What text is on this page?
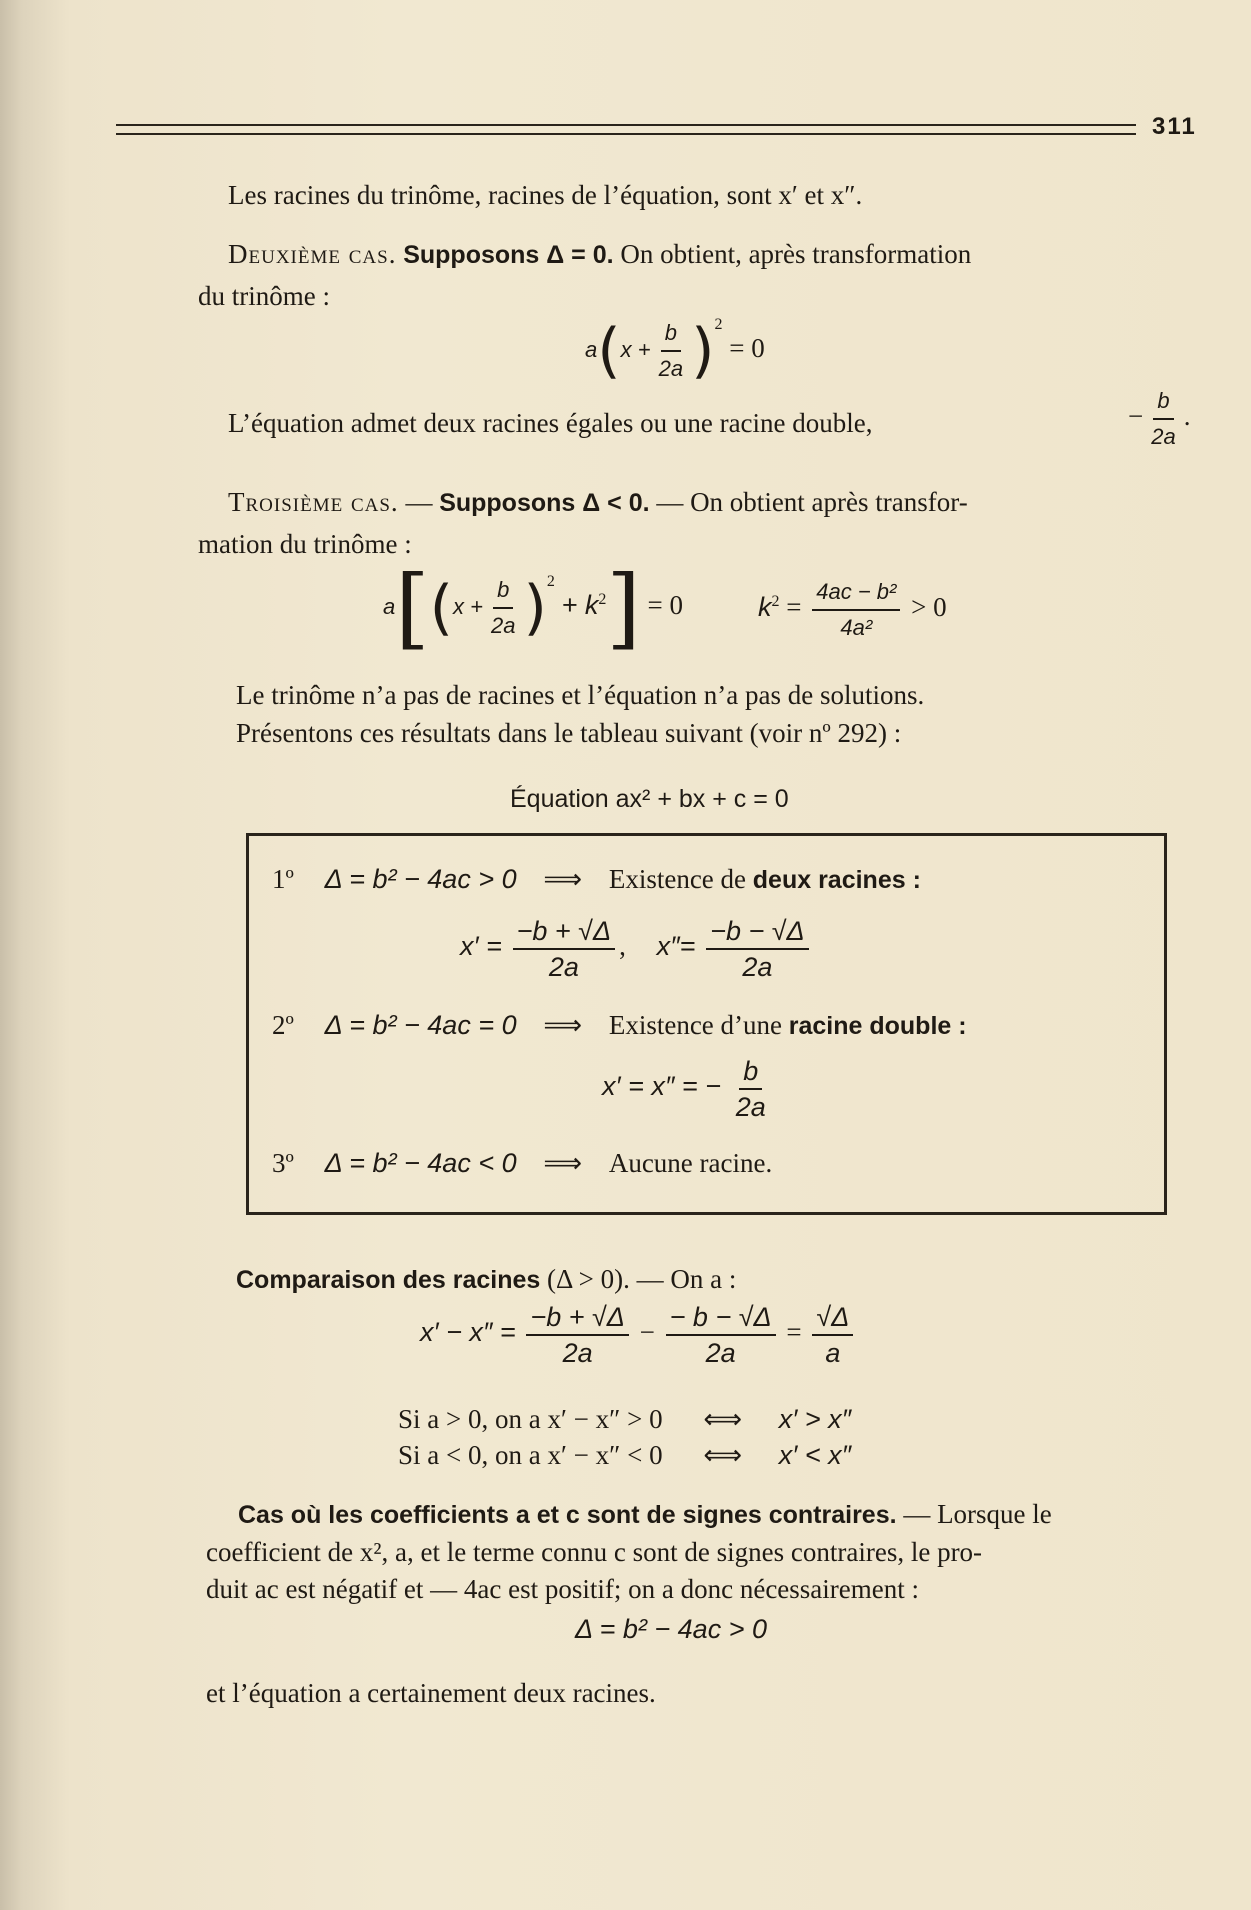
311
Les racines du trinôme, racines de l’équation, sont x′ et x″.
Deuxième cas. Supposons Δ = 0. On obtient, après transformation
du trinôme :
$a(x + \frac{b}{2a} )^2 = 0$
L’équation admet deux racines égales ou une racine double,	− $\frac{b}{2a}$ .
Troisième cas. — Supposons Δ < 0. — On obtient après transfor-
mation du trinôme :
$a[(x + \frac{b}{2a} )^2 + k^2] = 0$	$k^2 = \frac{\text{4ac − b²}}{\text{4a²}} > 0$
Le trinôme n’a pas de racines et l’équation n’a pas de solutions.
Présentons ces résultats dans le tableau suivant (voir nº 292) :
Équation ax² + bx + c = 0
1º Δ = b² − 4ac > 0 ⟹ Existence de deux racines :
$x' = \frac{-b + √\Delta}{2a}$ , $x''= \frac{-b - √\Delta}{2a}$
2º Δ = b² − 4ac = 0 ⟹ Existence d’une racine double :
x′ = x″ = − $\frac{b}{2a}$
3º Δ = b² − 4ac < 0 ⟹ Aucune racine.
Comparaison des racines (Δ > 0). — On a :
$x' - x'' = \frac{-b + √\Delta}{2a} - \frac{- b - √\Delta}{2a} = \frac{√\Delta}{a}$
Si a > 0, on a x′ − x″ > 0 ⟺ x′ > x″
Si a < 0, on a x′ − x″ < 0 ⟺ x′ < x″
Cas où les coefficients a et c sont de signes contraires. — Lorsque le
coefficient de x², a, et le terme connu c sont de signes contraires, le pro-
duit ac est négatif et — 4ac est positif; on a donc nécessairement :
Δ = b² − 4ac > 0
et l’équation a certainement deux racines.
